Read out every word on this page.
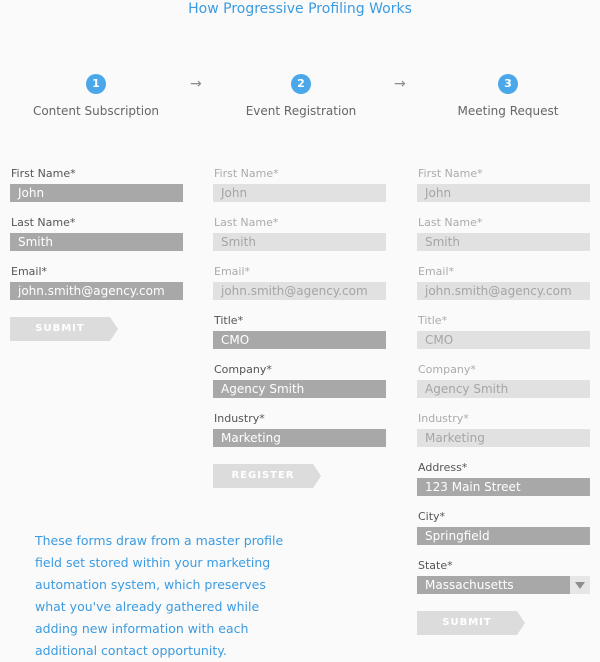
How Progressive Profiling Works
1
Content Subscription
→	2
Event Registration
→	3
Meeting Request
First Name*
John
Last Name*
Smith
Email*
john.smith@agency.com
SUBMIT
First Name*
John
Last Name*
Smith
Email*
john.smith@agency.com
Title*
CMO
Company*
Agency Smith
Industry*
Marketing
REGISTER
First Name*
John
Last Name*
Smith
Email*
john.smith@agency.com
Title*
CMO
Company*
Agency Smith
Industry*
Marketing
Address*
123 Main Street
City*
Springfield
State*
Massachusetts
SUBMIT
These forms draw from a master profile field set stored within your marketing automation system, which preserves what you've already gathered while adding new information with each additional contact opportunity.
